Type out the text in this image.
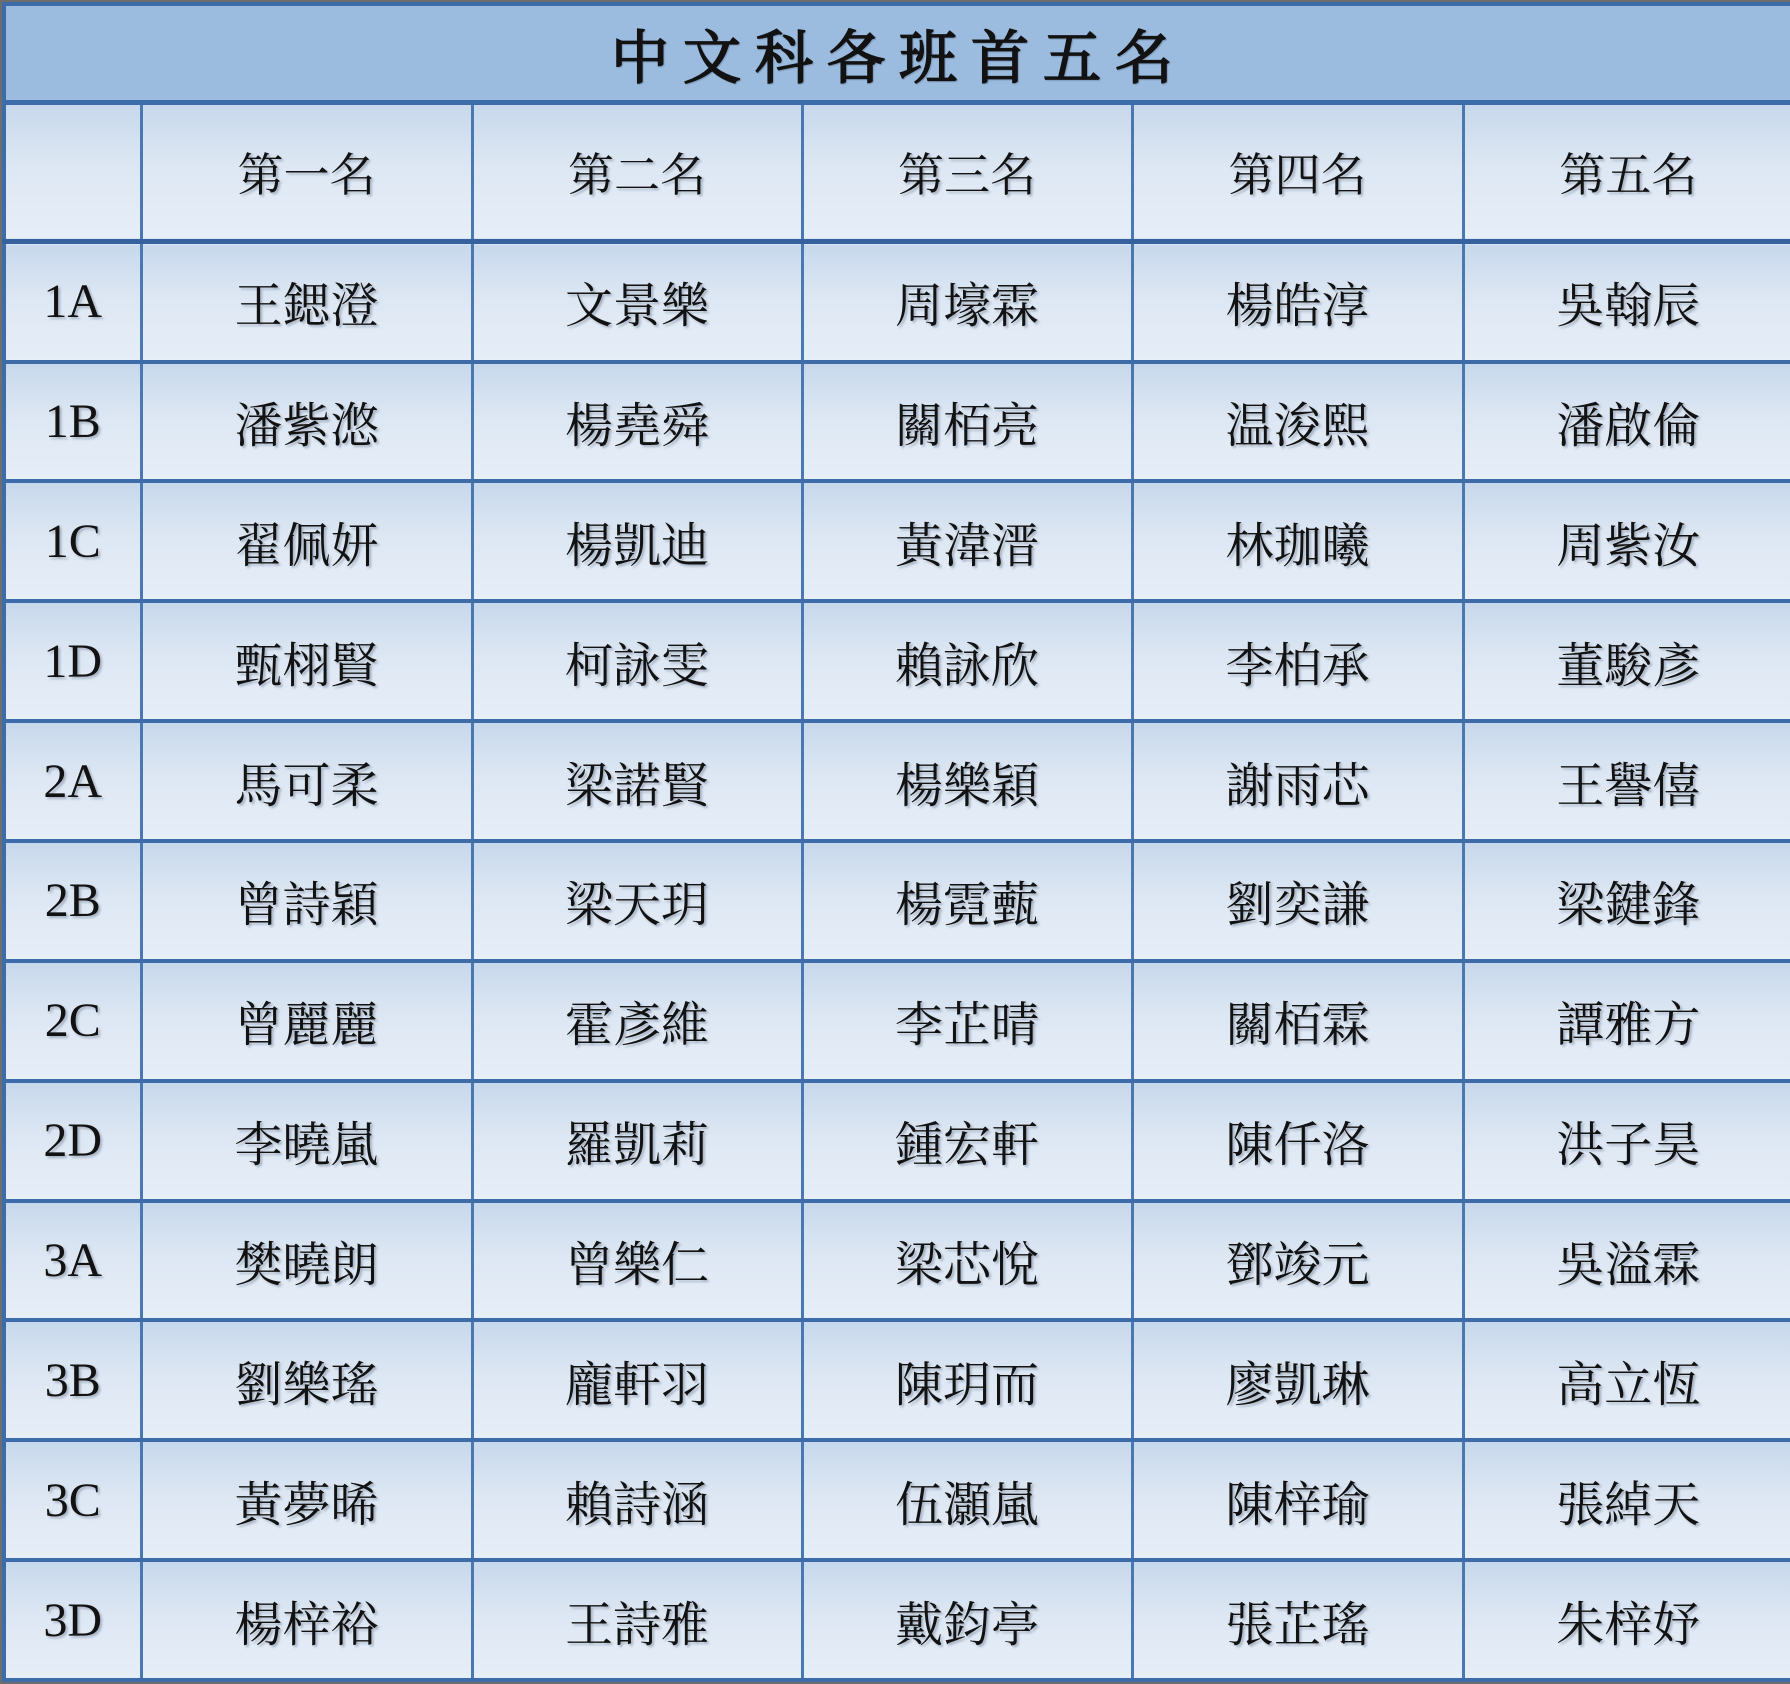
中文科各班首五名					
	第一名	第二名	第三名	第四名	第五名
1A	王鍶澄	文景樂	周壕霖	楊皓淳	吳翰辰
1B	潘紫滺	楊堯舜	關栢亮	温浚熙	潘啟倫
1C	翟佩妍	楊凱迪	黃湋溍	林珈曦	周紫汝
1D	甄栩賢	柯詠雯	賴詠欣	李柏承	董駿彥
2A	馬可柔	梁諾賢	楊樂穎	謝雨芯	王譽僖
2B	曾詩穎	梁天玥	楊霓薽	劉奕謙	梁鍵鋒
2C	曾麗麗	霍彥維	李芷晴	關栢霖	譚雅方
2D	李曉嵐	羅凱莉	鍾宏軒	陳仟洛	洪子昊
3A	樊曉朗	曾樂仁	梁芯悅	鄧竣元	吳溢霖
3B	劉樂瑤	龐軒羽	陳玥而	廖凱琳	高立恆
3C	黃夢晞	賴詩涵	伍灝嵐	陳梓瑜	張綽天
3D	楊梓裕	王詩雅	戴鈞亭	張芷瑤	朱梓妤
